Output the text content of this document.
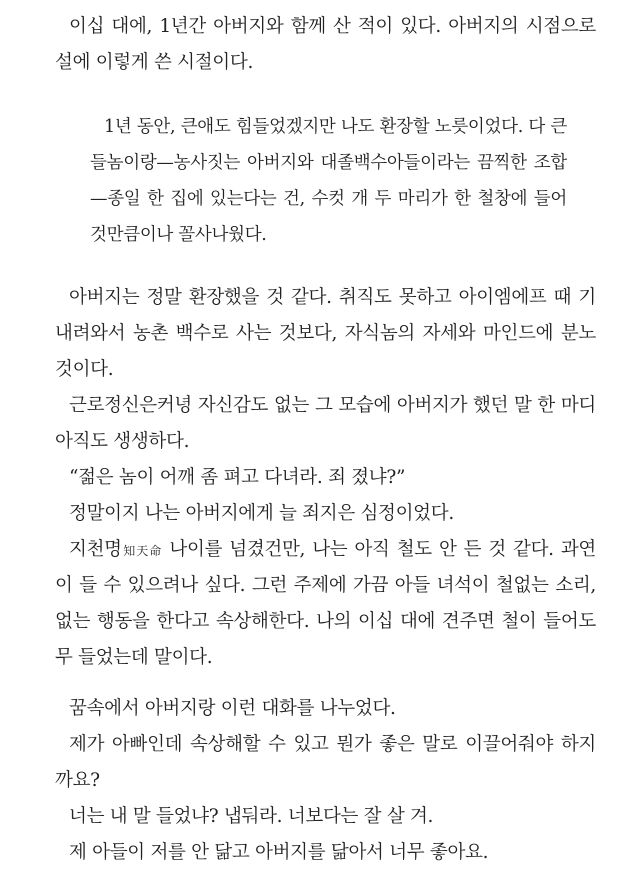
이십 대에, 1년간 아버지와 함께 산 적이 있다. 아버지의 시점으로
설에 이렇게 쓴 시절이다.
1년 동안, 큰애도 힘들었겠지만 나도 환장할 노릇이었다. 다 큰
들놈이랑—농사짓는 아버지와 대졸백수아들이라는 끔찍한 조합
—종일 한 집에 있는다는 건, 수컷 개 두 마리가 한 철창에 들어
것만큼이나 꼴사나웠다.
아버지는 정말 환장했을 것 같다. 취직도 못하고 아이엠에프 때 기
내려와서 농촌 백수로 사는 것보다, 자식놈의 자세와 마인드에 분노
것이다.
근로정신은커녕 자신감도 없는 그 모습에 아버지가 했던 말 한 마디
아직도 생생하다.
“젊은 놈이 어깨 좀 펴고 다녀라. 죄 졌냐?”
정말이지 나는 아버지에게 늘 죄지은 심정이었다.
지천명知天命 나이를 넘겼건만, 나는 아직 철도 안 든 것 같다. 과연
이 들 수 있으려나 싶다. 그런 주제에 가끔 아들 녀석이 철없는 소리,
없는 행동을 한다고 속상해한다. 나의 이십 대에 견주면 철이 들어도
무 들었는데 말이다.
꿈속에서 아버지랑 이런 대화를 나누었다.
제가 아빠인데 속상해할 수 있고 뭔가 좋은 말로 이끌어줘야 하지
까요?
너는 내 말 들었냐? 냅둬라. 너보다는 잘 살 겨.
제 아들이 저를 안 닮고 아버지를 닮아서 너무 좋아요.
